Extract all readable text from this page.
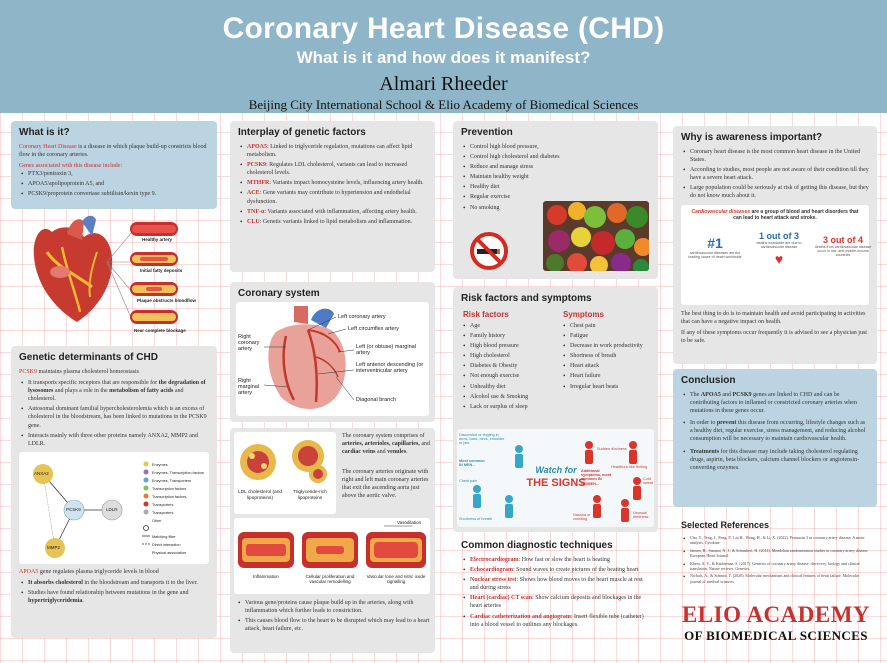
Coronary Heart Disease (CHD)
What is it and how does it manifest?
Almari Rheeder
Beijing City International School & Elio Academy of Biomedical Sciences
What is it?
Coronary Heart Disease is a disease in which plaque build-up constricts blood flow in the coronary arteries.
Genes associated with this disease include:
• PTX3/pentraxin 3,
• APOA5/apolipoprotein A5, and
• PCSK9/proprotein convertase subtilisin/kexin type 9.
Healthy artery
Initial fatty deposits
Plaque obstructs bloodflow
Near complete blockage
Genetic determinants of CHD
PCSK9 maintains plasma cholesterol homeostasis
• It transports specific receptors that are responsible for the degradation of lysosomes and plays a role in the metabolism of fatty acids and cholesterol.
• Autosomal dominant familial hypercholesterolemia which is an excess of cholesterol in the bloodstream, has been linked to mutations in the PCSK9 gene.
• Interacts mainly with three other proteins namely ANXA2, MMP2 and LDLR.
ANXA2
PCSK9	LDLR
MMP2
Enzymes
Enzymes, Transcription factors
Enzymes, Transporters
Transcription factors
Transcription factors, Transporters
Transporters
Other
Matching filter
Direct interaction
Physical association
APOA5 gene regulates plasma triglyceride levels in blood
• It absorbs cholesterol in the bloodstream and transports it to the liver.
• Studies have found relationship between mutations in the gene and hypertriglyceridemia.
Interplay of genetic factors
• APOA5: Linked to triglyceride regulation, mutations can affect lipid metabolism.
• PCSK9: Regulates LDL cholesterol, variants can lead to increased cholesterol levels.
• MTHFR: Variants impact homocysteine levels, influencing artery health.
• ACE: Gene variants may contribute to hypertension and endothelial dysfunction.
• TNF-α: Variants associated with inflammation, affecting artery health.
• CLU: Genetic variants linked to lipid metabolism and inflammation.
Coronary system
Left coronary artery
Left circumflex artery
Right coronary artery	Left (or obtuse) marginal artery
Left anterior descending (or interventricular artery
Right marginal artery
Diagonal branch
LDL cholesterol (and lipoproteins)
Triglyceride-rich lipoproteins
The coronary system comprises of arteries, arterioles, capillaries, and cardiac veins and venules.
The coronary arteries originate with right and left main coronary arteries that exit the ascending aorta just above the aortic valve.
Vasodilation
Inflammation	Cellular proliferation and vascular remodelling
Vascular tone and nitric oxide signalling
• Various gene/proteins cause plaque build up in the arteries, along with inflammation which further leads to constriction.
• This causes blood flow to the heart to be disrupted which may lead to a heart attack, heart failure, etc.
Prevention
• Control high blood pressure,
• Control high cholesterol and diabetes
• Reduce and manage stress
• Maintain healthy weight
• Healthy diet
• Regular exercise
• No smoking
Risk factors and symptoms
Risk factors
• Age
• Family history
• High blood pressure
• High cholesterol
• Diabetes & Obesity
• Not enough exercise
• Unhealthy diet
• Alcohol use & Smoking
• Lack or surplus of sleep
Symptoms
• Chest pain
• Fatigue
• Decrease in work productivity
• Shortness of breath
• Heart attack
• Heart failure
• Irregular heart beats
Watch for
THE SIGNS
Discomfort or tingling in arms, back, neck, shoulder or jaw
Sudden dizziness
Heartburn-like feeling
Most common IN MEN...
Additional symptoms, most common IN WOMEN...
Chest pain
Shortness of breath
Cold sweat
Nausea or vomiting
Unusual tiredness
Common diagnostic techniques
• Electrocardiogram: How fast or slow the heart is beating
• Echocardiogram: Sound waves to create pictures of the beating heart
• Nuclear stress test: Shows how blood moves to the heart muscle at rest and during stress
• Heart (cardiac) CT scan: Show calcium deposits and blockages in the heart arteries
• Cardiac catheterization and angiogram: Insert flexible tube (catheter) into a blood vessel to outlines any blockages.
Why is awareness important?
• Coronary heart disease is the most common heart disease in the United States.
• According to studies, most people are not aware of their condition till they have a severe heart attack.
• Large population could be seriously at risk of getting this disease, but they do not know much about it.
Cardiovascular diseases are a group of blood and heart disorders that can lead to heart attack and stroke.
#1
cardiovascular diseases are the leading cause of death worldwide
1 out of 3
deaths worldwide are due to cardiovascular disease
♥
3 out of 4
deaths from cardiovascular disease occur in low- and middle-income countries
The best thing to do is to maintain health and avoid participating in activities that can have a negative impact on health.
If any of these symptoms occur frequently it is advised to see a physician just to be safe.
Conclusion
• The APOA5 and PCSK9 genes are linked to CHD and can be contributing factors to inflamed or constricted coronary arteries when mutations in these genes occur.
• In order to prevent this disease from occurring, lifestyle changes such as a healthy diet, regular exercise, stress management, and reducing alcohol consumption will be necessary to maintain cardiovascular health.
• Treatments for this disease may include taking cholesterol regulating drugs, aspirin, beta blockers, calcium channel blockers or angiotensin-converting enzymes.
Selected References
• Chu, Y., Teng, J., Feng, P., Liu H., Wang, H., & Li, X. (2022). Pentraxin 3 in coronary artery disease: A meta-analysis. Cytokine.
• Jansen, H., Samani, N. J., & Schunkert, H. (2014). Mendelian randomization studies in coronary artery disease. European Heart Journal.
• Khera, A. V., & Kathiresan, S. (2017). Genetics of coronary artery disease: discovery, biology and clinical translation. Nature reviews. Genetics.
• Nichols, A., & Schmitt, T. (2020). Molecular mechanisms and clinical features of heart failure. Molecular journal of medical sciences.
ELIO ACADEMY
OF BIOMEDICAL SCIENCES
